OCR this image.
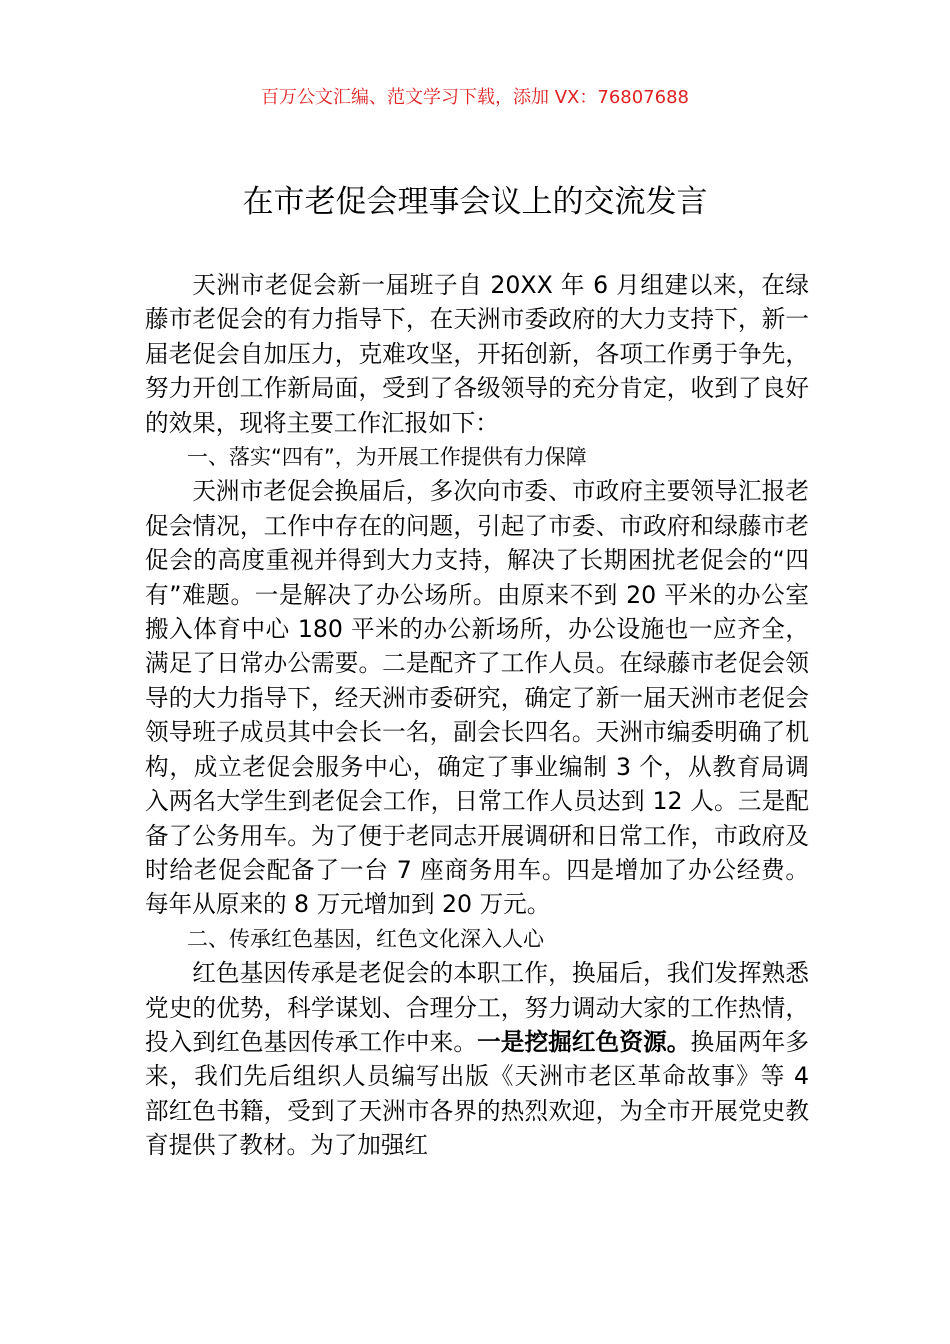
百万公文汇编、范文学习下载，添加 VX：76807688
在市老促会理事会议上的交流发言

天洲市老促会新一届班子自 20XX 年 6 月组建以来，在绿藤市老促会的有力指导下，在天洲市委政府的大力支持下，新一届老促会自加压力，克难攻坚，开拓创新，各项工作勇于争先，努力开创工作新局面，受到了各级领导的充分肯定，收到了良好的效果，现将主要工作汇报如下：

一、落实“四有”，为开展工作提供有力保障

天洲市老促会换届后，多次向市委、市政府主要领导汇报老促会情况，工作中存在的问题，引起了市委、市政府和绿藤市老促会的高度重视并得到大力支持，解决了长期困扰老促会的“四有”难题。一是解决了办公场所。由原来不到 20 平米的办公室搬入体育中心 180 平米的办公新场所，办公设施也一应齐全，满足了日常办公需要。二是配齐了工作人员。在绿藤市老促会领导的大力指导下，经天洲市委研究，确定了新一届天洲市老促会领导班子成员其中会长一名，副会长四名。天洲市编委明确了机构，成立老促会服务中心，确定了事业编制 3 个，从教育局调入两名大学生到老促会工作，日常工作人员达到 12 人。三是配备了公务用车。为了便于老同志开展调研和日常工作，市政府及时给老促会配备了一台 7 座商务用车。四是增加了办公经费。每年从原来的 8 万元增加到 20 万元。

二、传承红色基因，红色文化深入人心

红色基因传承是老促会的本职工作，换届后，我们发挥熟悉党史的优势，科学谋划、合理分工，努力调动大家的工作热情，投入到红色基因传承工作中来。一是挖掘红色资源。换届两年多来，我们先后组织人员编写出版《天洲市老区革命故事》等 4 部红色书籍，受到了天洲市各界的热烈欢迎，为全市开展党史教育提供了教材。为了加强红
